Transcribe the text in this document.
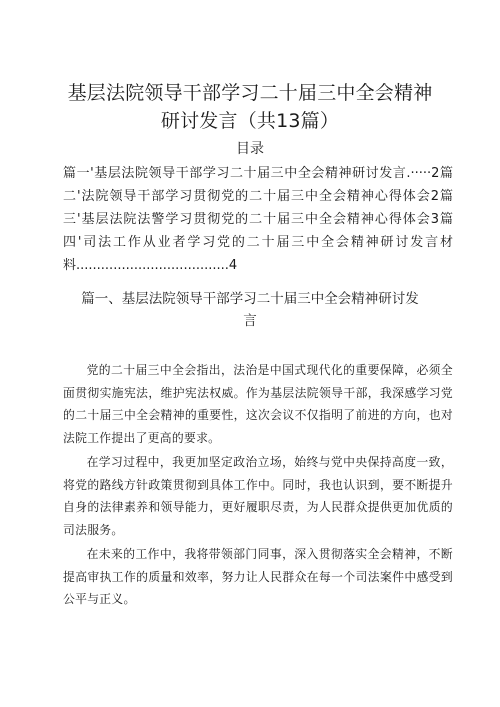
基层法院领导干部学习二十届三中全会精神研讨发言（共13篇）
目录
篇一'基层法院领导干部学习二十届三中全会精神研讨发言.·····2篇二'法院领导干部学习贯彻党的二十届三中全会精神心得体会2篇三'基层法院法警学习贯彻党的二十届三中全会精神心得体会3篇四'司法工作从业者学习党的二十届三中全会精神研讨发言材料.....................................4
篇一、基层法院领导干部学习二十届三中全会精神研讨发言

党的二十届三中全会指出，法治是中国式现代化的重要保障，必须全面贯彻实施宪法，维护宪法权威。作为基层法院领导干部，我深感学习党的二十届三中全会精神的重要性，这次会议不仅指明了前进的方向，也对法院工作提出了更高的要求。

在学习过程中，我更加坚定政治立场，始终与党中央保持高度一致，将党的路线方针政策贯彻到具体工作中。同时，我也认识到，要不断提升自身的法律素养和领导能力，更好履职尽责，为人民群众提供更加优质的司法服务。

在未来的工作中，我将带领部门同事，深入贯彻落实全会精神，不断提高审执工作的质量和效率，努力让人民群众在每一个司法案件中感受到公平与正义。
